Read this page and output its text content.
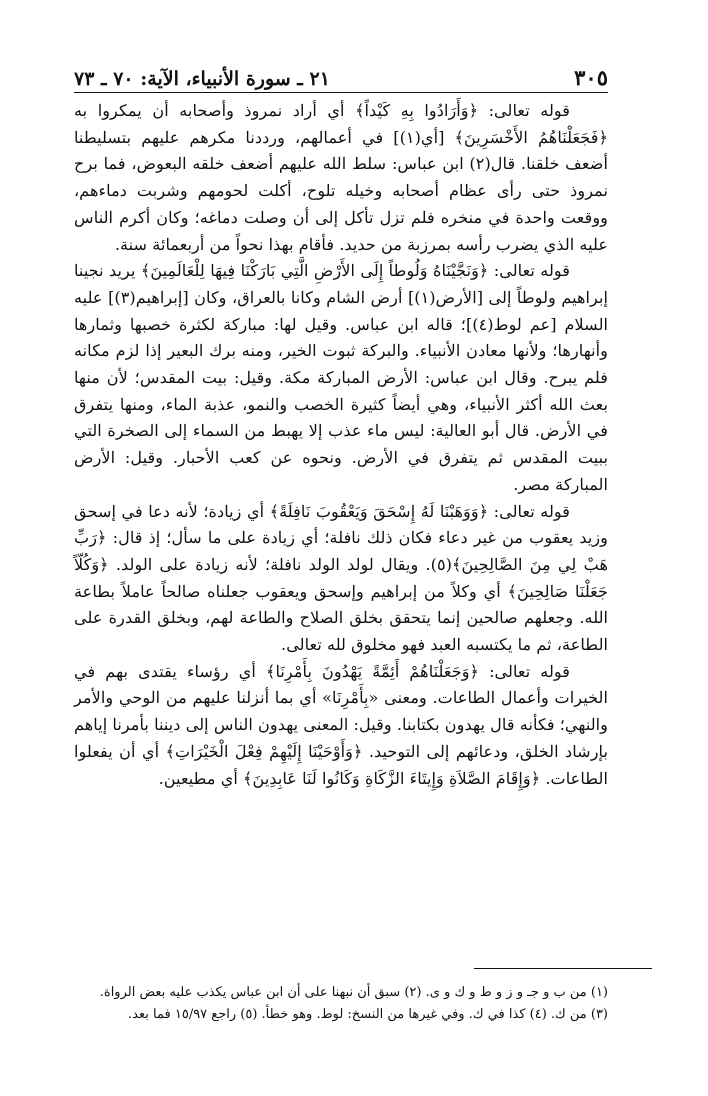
٣٠٥
٢١ ـ سورة الأنبياء، الآية: ٧٠ ـ ٧٣

قوله تعالى: ﴿وَأَرَادُوا بِهِ كَيْداً﴾ أي أراد نمروذ وأصحابه أن يمكروا به ﴿فَجَعَلْنَاهُمُ الأَخْسَرِينَ﴾ [أي(١)] في أعمالهم، ورددنا مكرهم عليهم بتسليطنا أضعف خلقنا. قال(٢) ابن عباس: سلط الله عليهم أضعف خلقه البعوض، فما برح نمروذ حتى رأى عظام أصحابه وخيله تلوح، أكلت لحومهم وشربت دماءهم، ووقعت واحدة في منخره فلم تزل تأكل إلى أن وصلت دماغه؛ وكان أكرم الناس عليه الذي يضرب رأسه بمرزبة من حديد. فأقام بهذا نحواً من أربعمائة سنة.

قوله تعالى: ﴿وَنَجَّيْنَاهُ وَلُوطاً إِلَى الأَرْضِ الَّتِي بَارَكْنَا فِيهَا لِلْعَالَمِينَ﴾ يريد نجينا إبراهيم ولوطاً إلى [الأرض(١)] أرض الشام وكانا بالعراق، وكان [إبراهيم(٣)] عليه السلام [عم لوط(٤)]؛ قاله ابن عباس. وقيل لها: مباركة لكثرة خصبها وثمارها وأنهارها؛ ولأنها معادن الأنبياء. والبركة ثبوت الخير، ومنه برك البعير إذا لزم مكانه فلم يبرح. وقال ابن عباس: الأرض المباركة مكة. وقيل: بيت المقدس؛ لأن منها بعث الله أكثر الأنبياء، وهي أيضاً كثيرة الخصب والنمو، عذبة الماء، ومنها يتفرق في الأرض. قال أبو العالية: ليس ماء عذب إلا يهبط من السماء إلى الصخرة التي ببيت المقدس ثم يتفرق في الأرض. ونحوه عن كعب الأحبار. وقيل: الأرض المباركة مصر.

قوله تعالى: ﴿وَوَهَبْنَا لَهُ إِسْحَقَ وَيَعْقُوبَ نَافِلَةً﴾ أي زيادة؛ لأنه دعا في إسحق وزيد يعقوب من غير دعاء فكان ذلك نافلة؛ أي زيادة على ما سأل؛ إذ قال: ﴿رَبِّ هَبْ لِي مِنَ الصَّالِحِينَ﴾(٥). ويقال لولد الولد نافلة؛ لأنه زيادة على الولد. ﴿وَكُلّاً جَعَلْنَا صَالِحِينَ﴾ أي وكلاً من إبراهيم وإسحق ويعقوب جعلناه صالحاً عاملاً بطاعة الله. وجعلهم صالحين إنما يتحقق بخلق الصلاح والطاعة لهم، وبخلق القدرة على الطاعة، ثم ما يكتسبه العبد فهو مخلوق لله تعالى.

قوله تعالى: ﴿وَجَعَلْنَاهُمْ أَئِمَّةً يَهْدُونَ بِأَمْرِنَا﴾ أي رؤساء يقتدى بهم في الخيرات وأعمال الطاعات. ومعنى «بِأَمْرِنَا» أي بما أنزلنا عليهم من الوحي والأمر والنهي؛ فكأنه قال يهدون بكتابنا. وقيل: المعنى يهدون الناس إلى ديننا بأمرنا إياهم بإرشاد الخلق، ودعائهم إلى التوحيد. ﴿وَأَوْحَيْنَا إِلَيْهِمْ فِعْلَ الْخَيْرَاتِ﴾ أي أن يفعلوا الطاعات. ﴿وَإِقَامَ الصَّلاَةِ وَإِيتَاءَ الزَّكَاةِ وَكَانُوا لَنَا عَابِدِينَ﴾ أي مطيعين.

(١) من ب و جـ و ز و ط و ك و ى. (٢) سبق أن نبهنا على أن ابن عباس يكذب عليه بعض الرواة.
(٣) من ك. (٤) كذا في ك. وفي غيرها من النسخ: لوط. وهو خطأ. (٥) راجع ١٥/٩٧ فما بعد.
